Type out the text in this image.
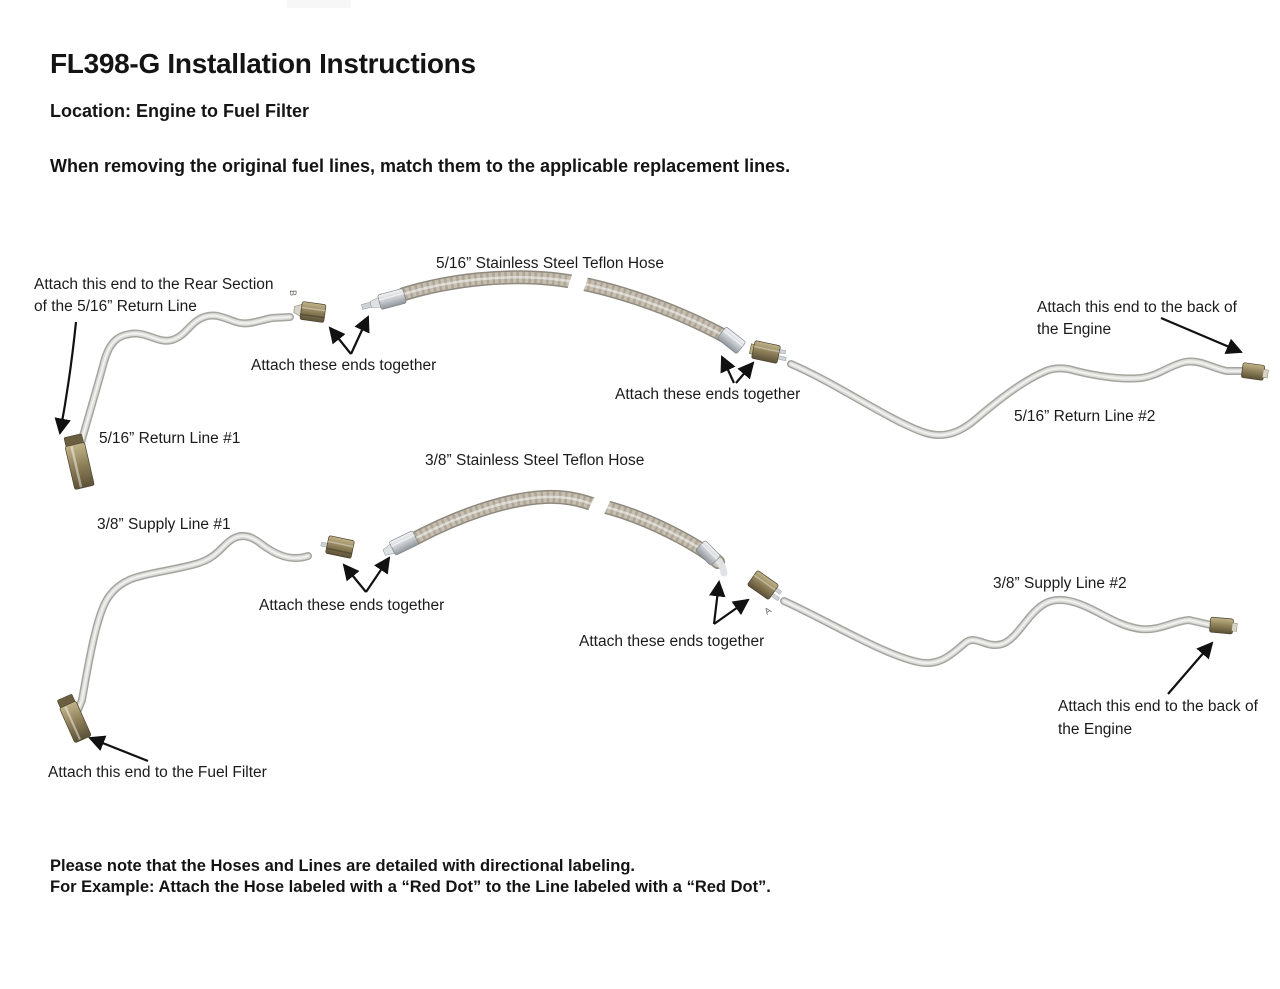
FL398-G Installation Instructions
Location: Engine to Fuel Filter
When removing the original fuel lines, match them to the applicable replacement lines.
B
A
Attach this end to the Rear Section
of the 5/16” Return Line
5/16” Stainless Steel Teflon Hose
Attach these ends together
Attach these ends together
Attach this end to the back of
the Engine
5/16” Return Line #2
5/16” Return Line #1
3/8” Stainless Steel Teflon Hose
3/8” Supply Line #1
Attach these ends together
Attach these ends together
3/8” Supply Line #2
Attach this end to the back of
the Engine
Attach this end to the Fuel Filter
Please note that the Hoses and Lines are detailed with directional labeling.
For Example: Attach the Hose labeled with a “Red Dot” to the Line labeled with a “Red Dot”.
